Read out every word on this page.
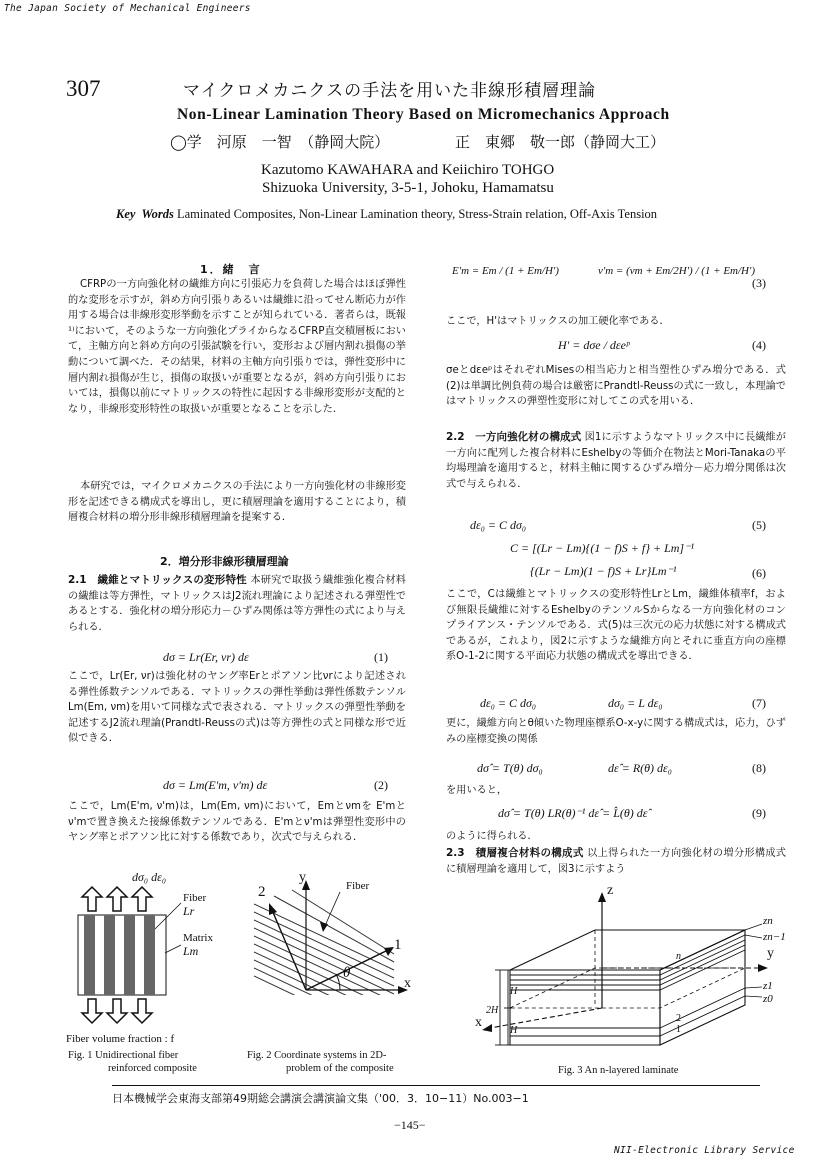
The Japan Society of Mechanical Engineers
307	マイクロメカニクスの手法を用いた非線形積層理論
Non-Linear Lamination Theory Based on Micromechanics Approach
◯学　河原　一智　（静岡大院）	正　東郷　敬一郎（静岡大工）
Kazutomo KAWAHARA and Keiichiro TOHGO
Shizuoka University, 3-5-1, Johoku, Hamamatsu
Key  Words Laminated Composites, Non-Linear Lamination theory, Stress-Strain relation, Off-Axis Tension
1．緒　言
CFRPの一方向強化材の繊維方向に引張応力を負荷した場合はほぼ弾性的な変形を示すが，斜め方向引張りあるいは繊維に沿ってせん断応力が作用する場合は非線形変形挙動を示すことが知られている．著者らは，既報¹⁾において，そのような一方向強化プライからなるCFRP直交積層板において，主軸方向と斜め方向の引張試験を行い，変形および層内割れ損傷の挙動について調べた．その結果，材料の主軸方向引張りでは，弾性変形中に層内割れ損傷が生じ，損傷の取扱いが重要となるが，斜め方向引張りにおいては，損傷以前にマトリックスの特性に起因する非線形変形が支配的となり，非線形変形特性の取扱いが重要となることを示した．
本研究では，マイクロメカニクスの手法により一方向強化材の非線形変形を記述できる構成式を導出し，更に積層理論を適用することにより，積層複合材料の増分形非線形積層理論を提案する．
2．増分形非線形積層理論
2.1　繊維とマトリックスの変形特性 本研究で取扱う繊維強化複合材料の繊維は等方弾性，マトリックスはJ2流れ理論により記述される弾塑性であるとする．強化材の増分形応力－ひずみ関係は等方弾性の式により与えられる．
dσ = Lr(Er, νr) dε	(1)
ここで，Lr(Er, νr)は強化材のヤング率Erとポアソン比νrにより記述される弾性係数テンソルである．マトリックスの弾性挙動は弾性係数テンソルLm(Em, νm)を用いて同様な式で表される．マトリックスの弾塑性挙動を記述するJ2流れ理論(Prandtl-Reussの式)は等方弾性の式と同様な形で近似できる．
dσ = Lm(E'm, ν'm) dε	(2)
ここで，Lm(E'm, ν'm)は，Lm(Em, νm)において，Emとνmを E'mとν'mで置き換えた接線係数テンソルである．E'mとν'mは弾塑性変形中のヤング率とポアソン比に対する係数であり，次式で与えられる．
E'm = Em / (1 + Em/H')	ν'm = (νm + Em/2H') / (1 + Em/H')
(3)
ここで，H'はマトリックスの加工硬化率である．
H' = dσe / dεeᵖ	(4)
σeとdεeᵖはそれぞれMisesの相当応力と相当塑性ひずみ増分である．式(2)は単調比例負荷の場合は厳密にPrandtl-Reussの式に一致し，本理論ではマトリックスの弾塑性変形に対してこの式を用いる．
2.2　一方向強化材の構成式 図1に示すようなマトリックス中に長繊維が一方向に配列した複合材料にEshelbyの等価介在物法とMori-Tanakaの平均場理論を適用すると，材料主軸に関するひずみ増分－応力増分関係は次式で与えられる．
dε₀ = C dσ₀	(5)
C = [(Lr − Lm){(1 − f)S + f} + Lm]⁻¹
{(Lr − Lm)(1 − f)S + Lr}Lm⁻¹	(6)
ここで，Cは繊維とマトリックスの変形特性LrとLm，繊維体積率f，および無限長繊維に対するEshelbyのテンソルSからなる一方向強化材のコンプライアンス・テンソルである．式(5)は三次元の応力状態に対する構成式であるが，これより，図2に示すような繊維方向とそれに垂直方向の座標系O-1-2に関する平面応力状態の構成式を導出できる．
dε₀ = C dσ₀	dσ₀ = L dε₀	(7)
更に，繊維方向とθ傾いた物理座標系O-x-yに関する構成式は，応力，ひずみの座標変換の関係
dσ̂ = T(θ) dσ₀	dε̂ = R(θ) dε₀	(8)
を用いると，
dσ̂ = T(θ) LR(θ)⁻¹ dε̂ = L̂(θ) dε̂	(9)
のように得られる．
2.3　積層複合材料の構成式 以上得られた一方向強化材の増分形構成式に積層理論を適用して，図3に示すよう
dσ₀ dε₀
Fiber
Lr
Matrix
Lm
Fiber volume fraction : f
Fig. 1 Unidirectional fiber
reinforced composite
y
2
1
x
θ
Fiber
Fig. 2 Coordinate systems in 2D-
problem of the composite
z
y
x
zn
zn−1
z1
z0
n
2
1
H
2H
H
Fig. 3 An n-layered laminate
日本機械学会東海支部第49期総会講演会講演論文集（'00．3．10−11）No.003−1
−145−
NII-Electronic Library Service
